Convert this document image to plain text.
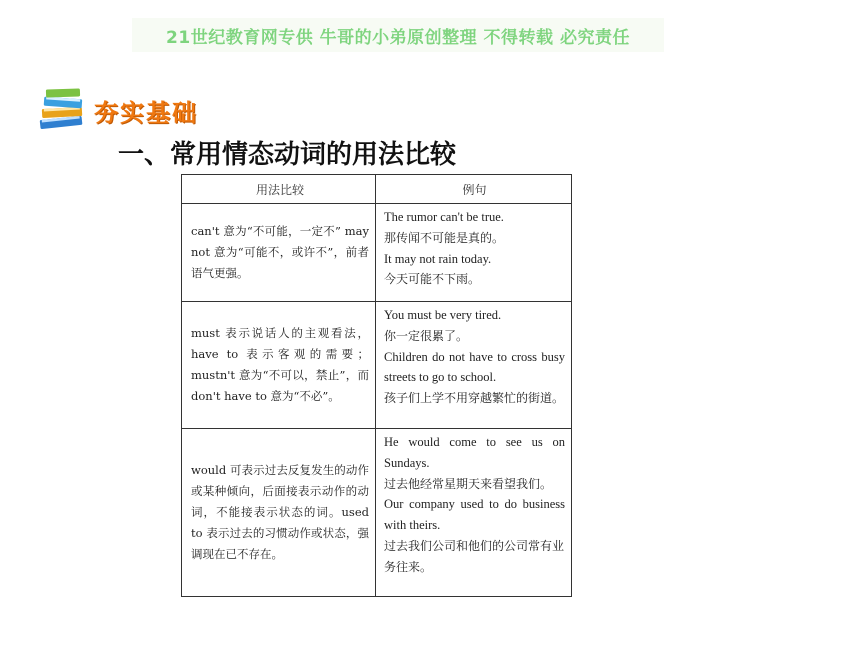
21世纪教育网专供 牛哥的小弟原创整理 不得转载 必究责任
夯实基础
一、常用情态动词的用法比较
用法比较	例句
can't 意为“不可能，一定不” may not 意为“可能不，或许不”，前者语气更强。
The rumor can't be true.
那传闻不可能是真的。
It may not rain today.
今天可能不下雨。
must 表示说话人的主观看法，have to 表示客观的需要；mustn't 意为“不可以，禁止”，而 don't have to 意为“不必”。
You must be very tired.
你一定很累了。
Children do not have to cross busy streets to go to school.
孩子们上学不用穿越繁忙的街道。
would 可表示过去反复发生的动作或某种倾向，后面接表示动作的动词，不能接表示状态的词。used to 表示过去的习惯动作或状态，强调现在已不存在。
He would come to see us on Sundays.
过去他经常星期天来看望我们。
Our company used to do business with theirs.
过去我们公司和他们的公司常有业务往来。
